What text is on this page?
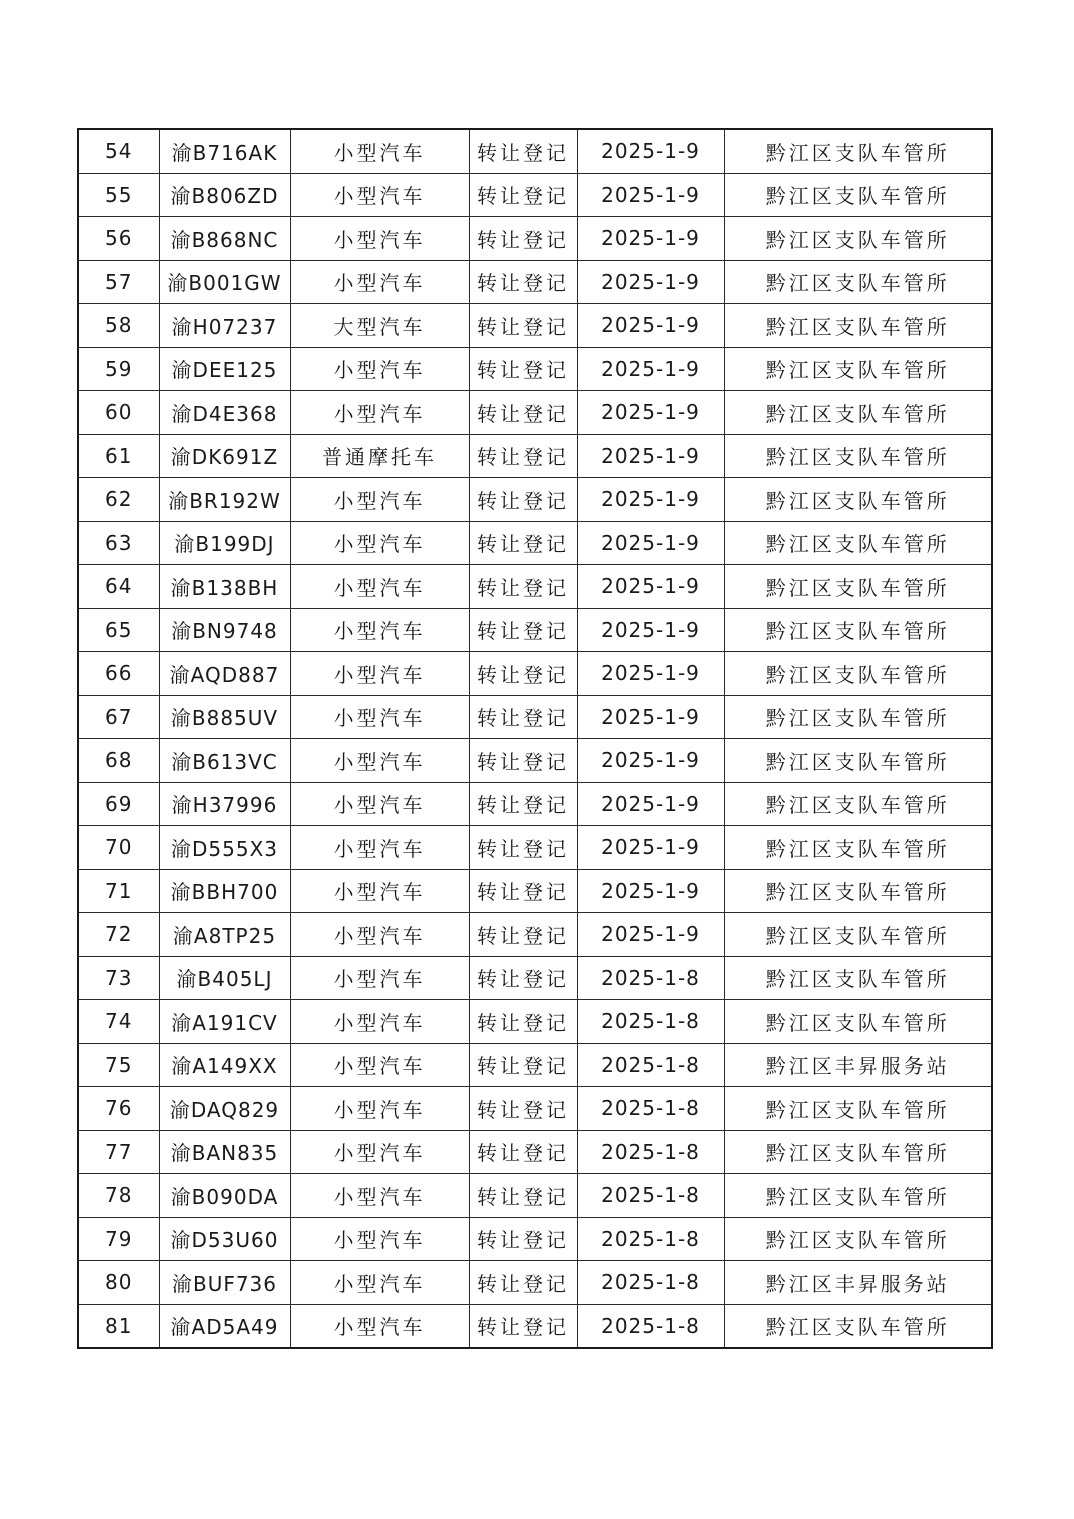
54	渝B716AK	小型汽车	转让登记	2025-1-9	黔江区支队车管所
55	渝B806ZD	小型汽车	转让登记	2025-1-9	黔江区支队车管所
56	渝B868NC	小型汽车	转让登记	2025-1-9	黔江区支队车管所
57	渝B001GW	小型汽车	转让登记	2025-1-9	黔江区支队车管所
58	渝H07237	大型汽车	转让登记	2025-1-9	黔江区支队车管所
59	渝DEE125	小型汽车	转让登记	2025-1-9	黔江区支队车管所
60	渝D4E368	小型汽车	转让登记	2025-1-9	黔江区支队车管所
61	渝DK691Z	普通摩托车	转让登记	2025-1-9	黔江区支队车管所
62	渝BR192W	小型汽车	转让登记	2025-1-9	黔江区支队车管所
63	渝B199DJ	小型汽车	转让登记	2025-1-9	黔江区支队车管所
64	渝B138BH	小型汽车	转让登记	2025-1-9	黔江区支队车管所
65	渝BN9748	小型汽车	转让登记	2025-1-9	黔江区支队车管所
66	渝AQD887	小型汽车	转让登记	2025-1-9	黔江区支队车管所
67	渝B885UV	小型汽车	转让登记	2025-1-9	黔江区支队车管所
68	渝B613VC	小型汽车	转让登记	2025-1-9	黔江区支队车管所
69	渝H37996	小型汽车	转让登记	2025-1-9	黔江区支队车管所
70	渝D555X3	小型汽车	转让登记	2025-1-9	黔江区支队车管所
71	渝BBH700	小型汽车	转让登记	2025-1-9	黔江区支队车管所
72	渝A8TP25	小型汽车	转让登记	2025-1-9	黔江区支队车管所
73	渝B405LJ	小型汽车	转让登记	2025-1-8	黔江区支队车管所
74	渝A191CV	小型汽车	转让登记	2025-1-8	黔江区支队车管所
75	渝A149XX	小型汽车	转让登记	2025-1-8	黔江区丰昇服务站
76	渝DAQ829	小型汽车	转让登记	2025-1-8	黔江区支队车管所
77	渝BAN835	小型汽车	转让登记	2025-1-8	黔江区支队车管所
78	渝B090DA	小型汽车	转让登记	2025-1-8	黔江区支队车管所
79	渝D53U60	小型汽车	转让登记	2025-1-8	黔江区支队车管所
80	渝BUF736	小型汽车	转让登记	2025-1-8	黔江区丰昇服务站
81	渝AD5A49	小型汽车	转让登记	2025-1-8	黔江区支队车管所
